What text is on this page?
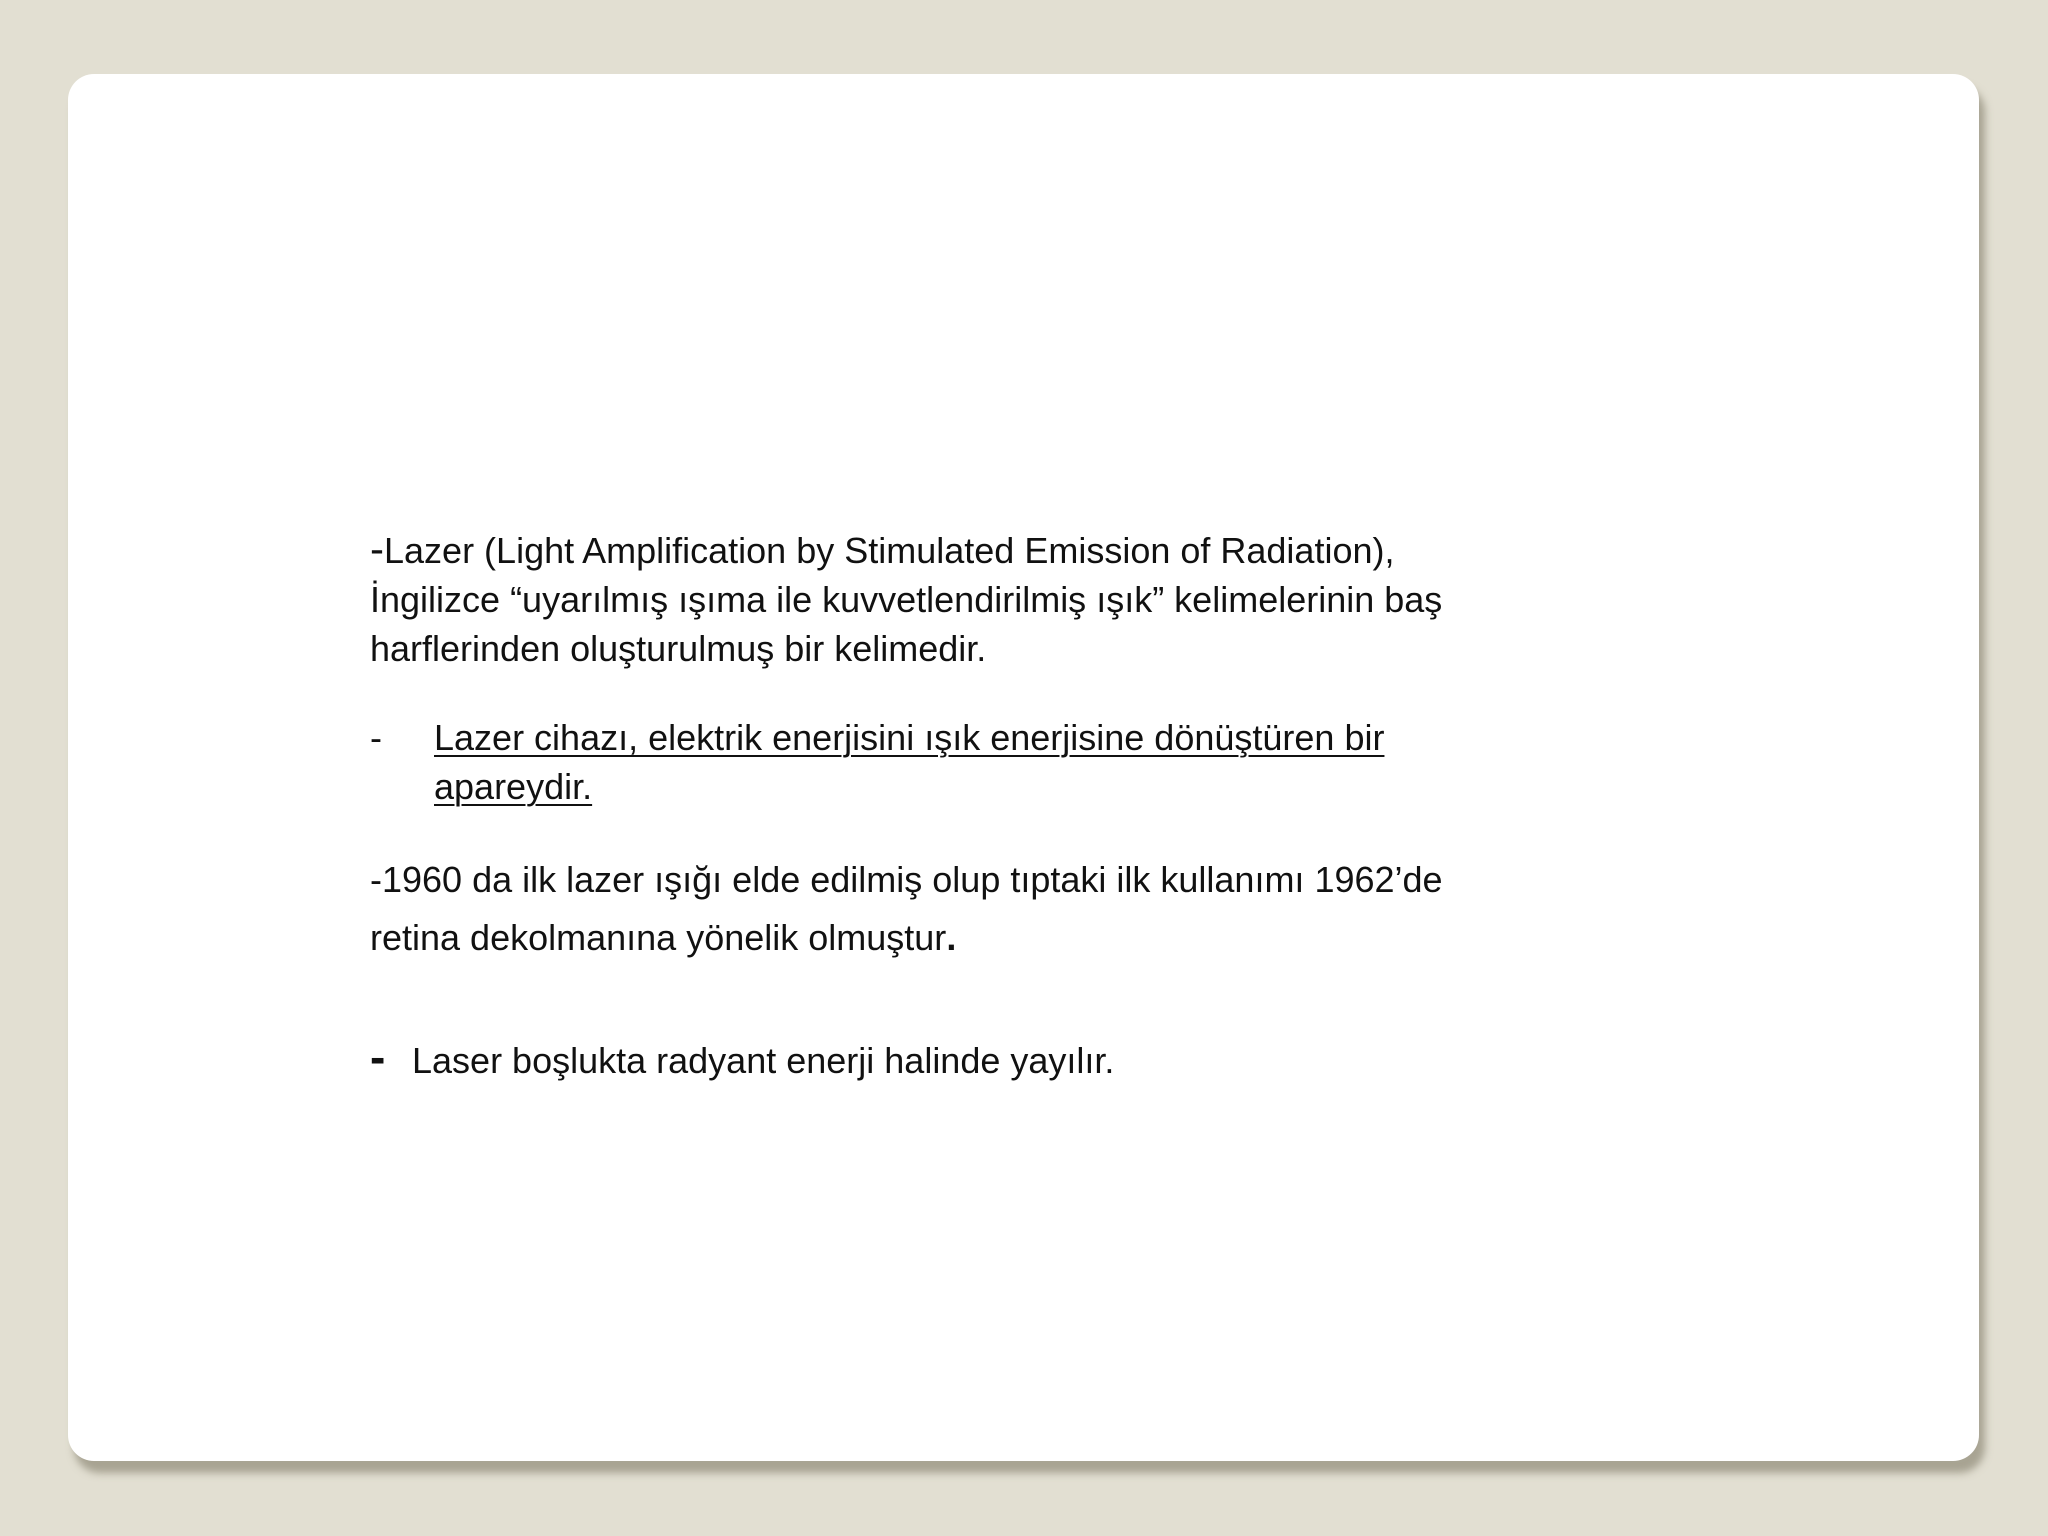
-Lazer (Light Amplification by Stimulated Emission of Radiation),
İngilizce “uyarılmış ışıma ile kuvvetlendirilmiş ışık” kelimelerinin baş
harflerinden oluşturulmuş bir kelimedir.

-	Lazer cihazı, elektrik enerjisini ışık enerjisine dönüştüren bir
apareydir.

-1960 da ilk lazer ışığı elde edilmiş olup tıptaki ilk kullanımı 1962’de
retina dekolmanına yönelik olmuştur.

- Laser boşlukta radyant enerji halinde yayılır.
